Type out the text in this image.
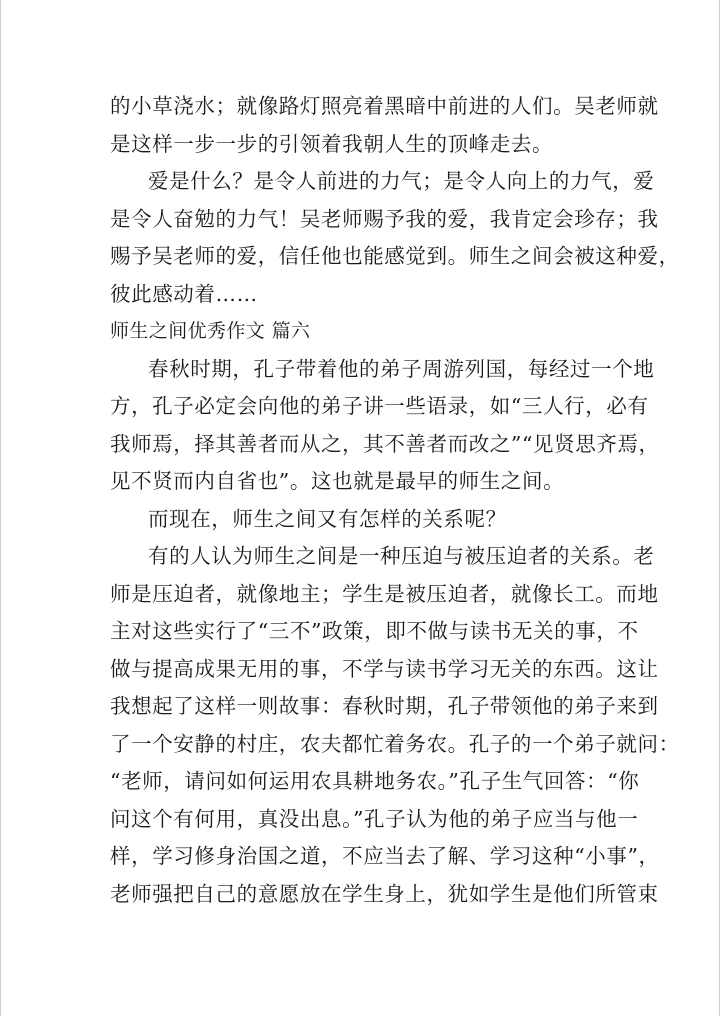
的小草浇水；就像路灯照亮着黑暗中前进的人们。吴老师就
是这样一步一步的引领着我朝人生的顶峰走去。
爱是什么？是令人前进的力气；是令人向上的力气，爱
是令人奋勉的力气！吴老师赐予我的爱，我肯定会珍存；我
赐予吴老师的爱，信任他也能感觉到。师生之间会被这种爱，
彼此感动着……
师生之间优秀作文 篇六
春秋时期，孔子带着他的弟子周游列国，每经过一个地
方，孔子必定会向他的弟子讲一些语录，如“三人行，必有
我师焉，择其善者而从之，其不善者而改之”“见贤思齐焉，
见不贤而内自省也”。这也就是最早的师生之间。
而现在，师生之间又有怎样的关系呢？
有的人认为师生之间是一种压迫与被压迫者的关系。老
师是压迫者，就像地主；学生是被压迫者，就像长工。而地
主对这些实行了“三不”政策，即不做与读书无关的事，不
做与提高成果无用的事，不学与读书学习无关的东西。这让
我想起了这样一则故事：春秋时期，孔子带领他的弟子来到
了一个安静的村庄，农夫都忙着务农。孔子的一个弟子就问：
“老师，请问如何运用农具耕地务农。”孔子生气回答：“你
问这个有何用，真没出息。”孔子认为他的弟子应当与他一
样，学习修身治国之道，不应当去了解、学习这种“小事”，
老师强把自己的意愿放在学生身上，犹如学生是他们所管束
